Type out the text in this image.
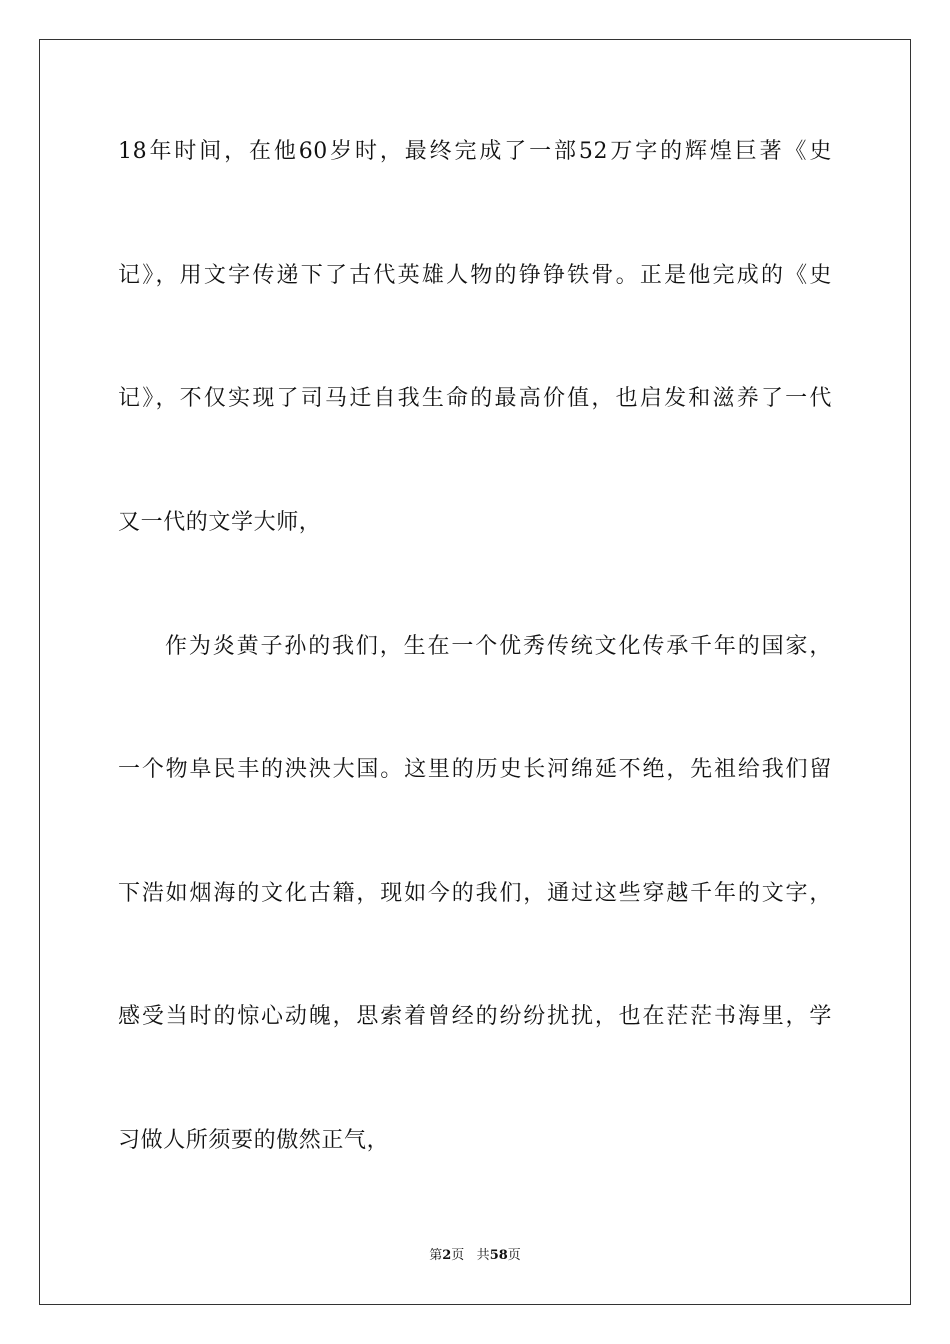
18年时间，在他60岁时，最终完成了一部52万字的辉煌巨著《史
记》，用文字传递下了古代英雄人物的铮铮铁骨。正是他完成的《史
记》，不仅实现了司马迁自我生命的最高价值，也启发和滋养了一代
又一代的文学大师，
作为炎黄子孙的我们，生在一个优秀传统文化传承千年的国家，
一个物阜民丰的泱泱大国。这里的历史长河绵延不绝，先祖给我们留
下浩如烟海的文化古籍，现如今的我们，通过这些穿越千年的文字，
感受当时的惊心动魄，思索着曾经的纷纷扰扰，也在茫茫书海里，学
习做人所须要的傲然正气，
第2页 共58页
